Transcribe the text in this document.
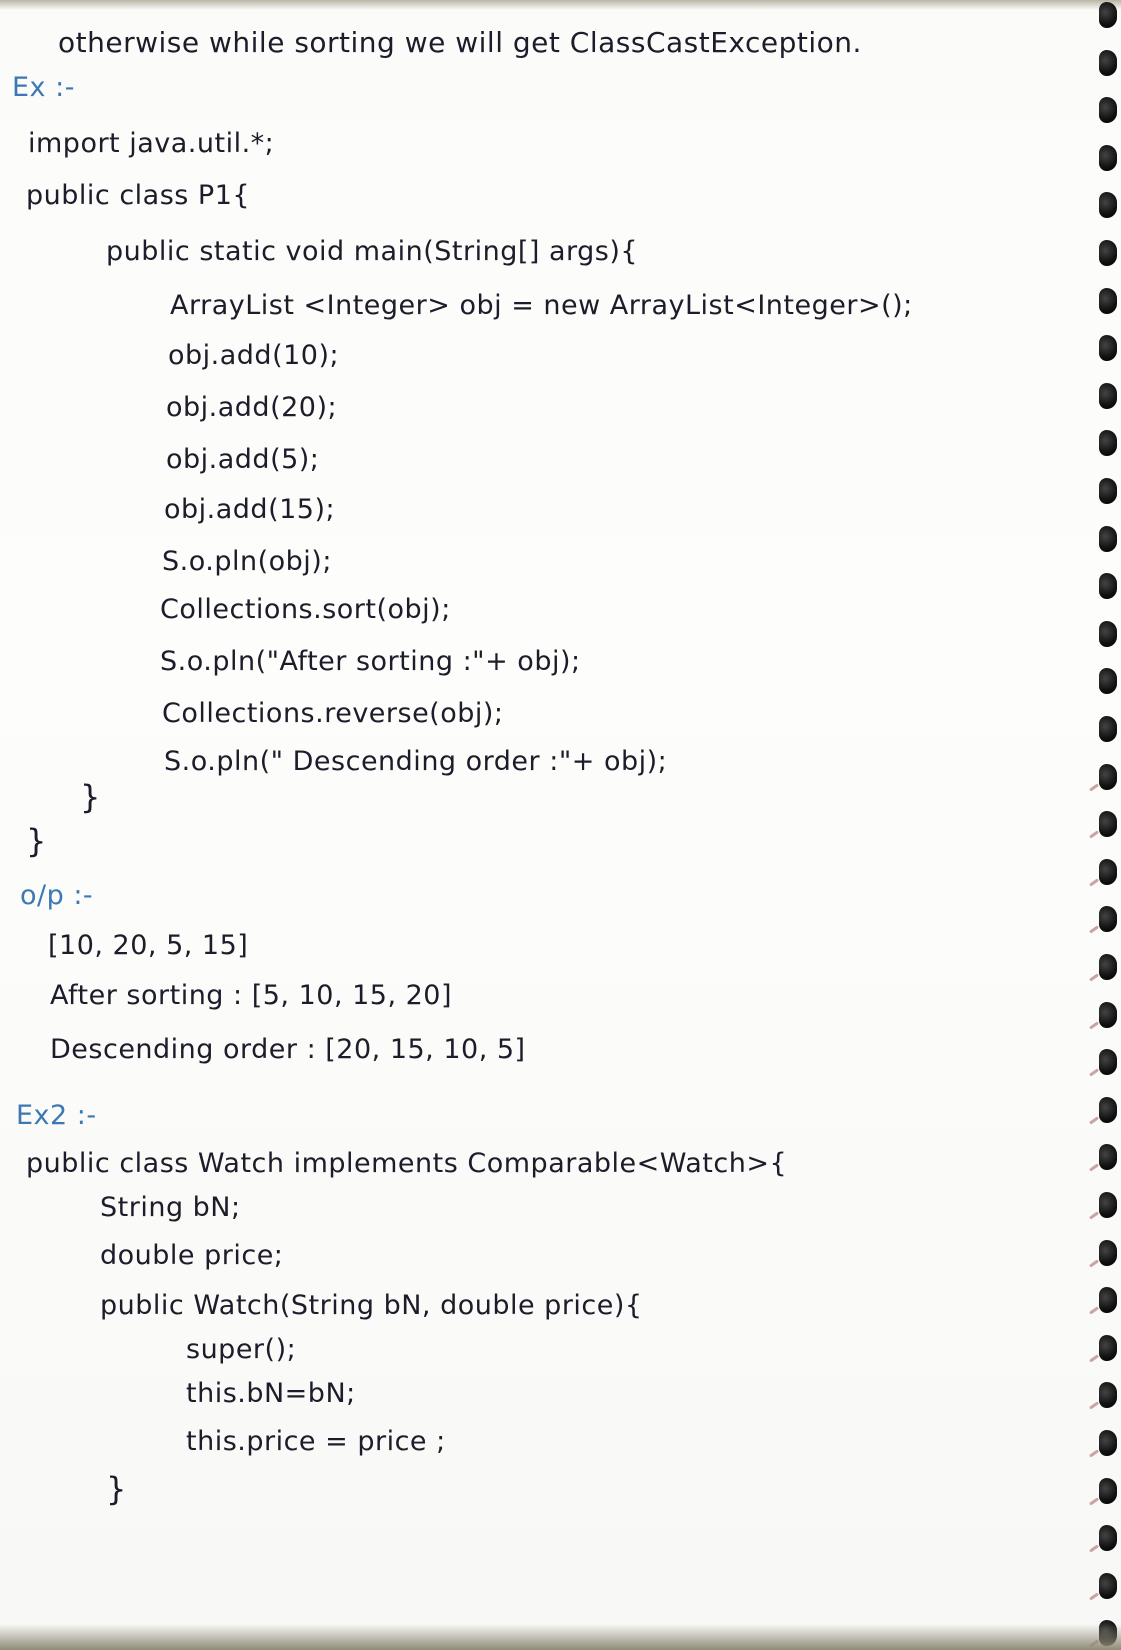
otherwise while sorting we will get ClassCastException.
Ex :-
import java.util.*;
public class P1{
public static void main(String[] args){
ArrayList <Integer> obj = new ArrayList<Integer>();
obj.add(10);
obj.add(20);
obj.add(5);
obj.add(15);
S.o.pln(obj);
Collections.sort(obj);
S.o.pln("After sorting :"+ obj);
Collections.reverse(obj);
S.o.pln(" Descending order :"+ obj);
}
}
o/p :-
[10, 20, 5, 15]
After sorting : [5, 10, 15, 20]
Descending order : [20, 15, 10, 5]
Ex2 :-
public class Watch implements Comparable<Watch>{
String bN;
double price;
public Watch(String bN, double price){
super();
this.bN=bN;
this.price = price ;
}
